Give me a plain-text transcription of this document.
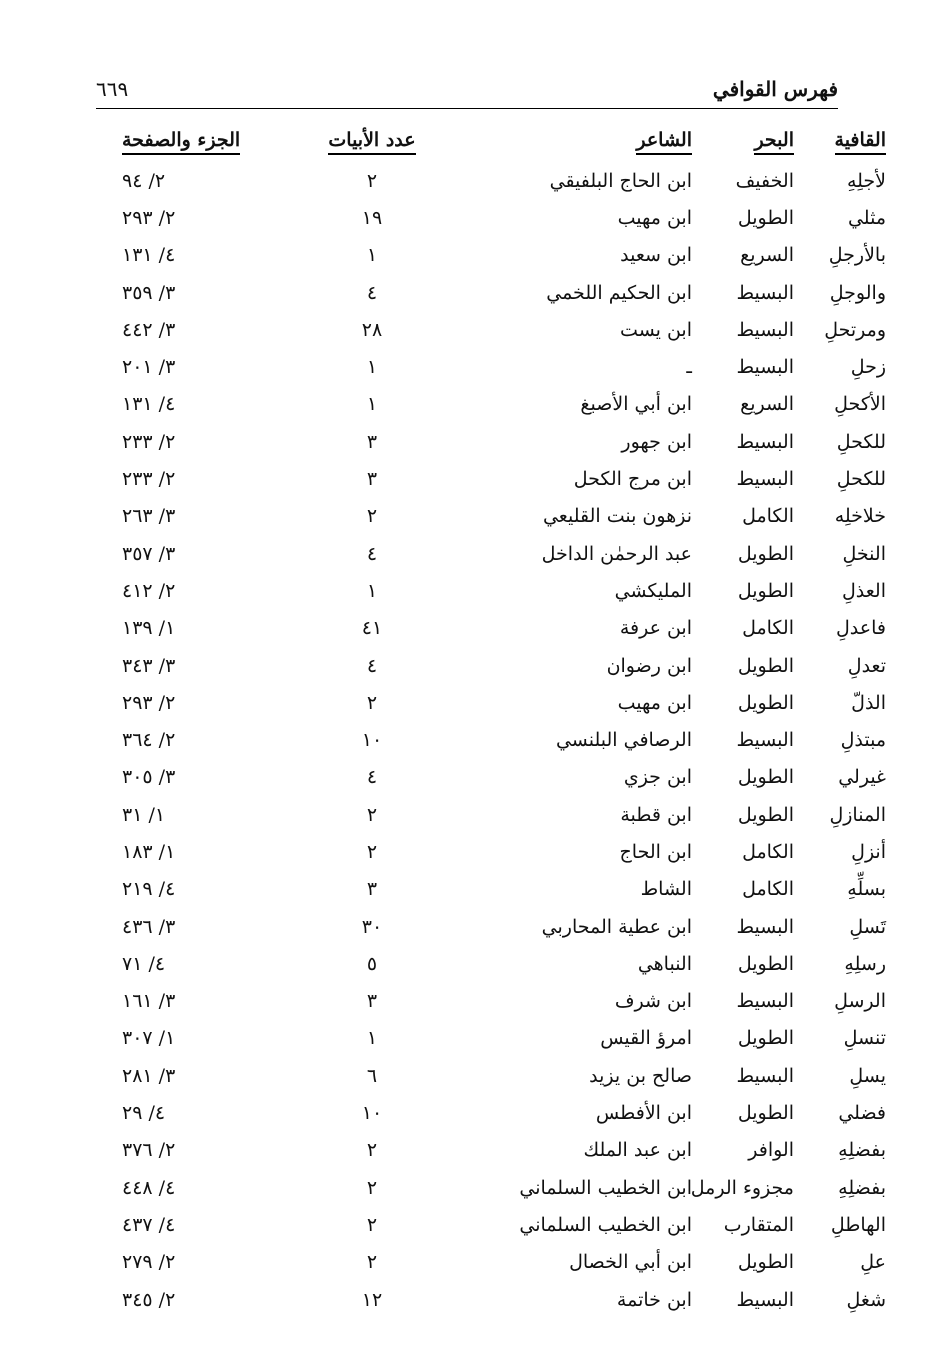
فهرس القوافي
٦٦٩
القافية	البحر	الشاعر	عدد الأبيات	الجزء والصفحة
لأجلِهِ	الخفيف	ابن الحاج البلفيقي	٢	٢/ ٩٤
مثلي	الطويل	ابن مهيب	١٩	٢/ ٢٩٣
بالأرجلِ	السريع	ابن سعيد	١	٤/ ١٣١
والوجلِ	البسيط	ابن الحكيم اللخمي	٤	٣/ ٣٥٩
ومرتحلِ	البسيط	ابن يست	٢٨	٣/ ٤٤٢
زحلِ	البسيط	ـ	١	٣/ ٢٠١
الأكحلِ	السريع	ابن أبي الأصبغ	١	٤/ ١٣١
للكحلِ	البسيط	ابن جهور	٣	٢/ ٢٣٣
للكحلِ	البسيط	ابن مرج الكحل	٣	٢/ ٢٣٣
خلاخلِه	الكامل	نزهون بنت القليعي	٢	٣/ ٢٦٣
النخلِ	الطويل	عبد الرحمٰن الداخل	٤	٣/ ٣٥٧
العذلِ	الطويل	المليكشي	١	٢/ ٤١٢
فاعدلِ	الكامل	ابن عرفة	٤١	١/ ١٣٩
تعدلِ	الطويل	ابن رضوان	٤	٣/ ٣٤٣
الذلّ	الطويل	ابن مهيب	٢	٢/ ٢٩٣
مبتذلِ	البسيط	الرصافي البلنسي	١٠	٢/ ٣٦٤
غيرلي	الطويل	ابن جزي	٤	٣/ ٣٠٥
المنازلِ	الطويل	ابن قطبة	٢	١/ ٣١
أنزلِ	الكامل	ابن الحاج	٢	١/ ١٨٣
بسلِّهِ	الكامل	الشاط	٣	٤/ ٢١٩
تَسلِ	البسيط	ابن عطية المحاربي	٣٠	٣/ ٤٣٦
رسلِهِ	الطويل	النباهي	٥	٤/ ٧١
الرسلِ	البسيط	ابن شرف	٣	٣/ ١٦١
تنسلِ	الطويل	امرؤ القيس	١	١/ ٣٠٧
يسلِ	البسيط	صالح بن يزيد	٦	٣/ ٢٨١
فضلي	الطويل	ابن الأفطس	١٠	٤/ ٢٩
بفضلِهِ	الوافر	ابن عبد الملك	٢	٢/ ٣٧٦
بفضلِهِ	مجزوء الرمل	ابن الخطيب السلماني	٢	٤/ ٤٤٨
الهاطلِ	المتقارب	ابن الخطيب السلماني	٢	٤/ ٤٣٧
علِ	الطويل	ابن أبي الخصال	٢	٢/ ٢٧٩
شغلِ	البسيط	ابن خاتمة	١٢	٢/ ٣٤٥
